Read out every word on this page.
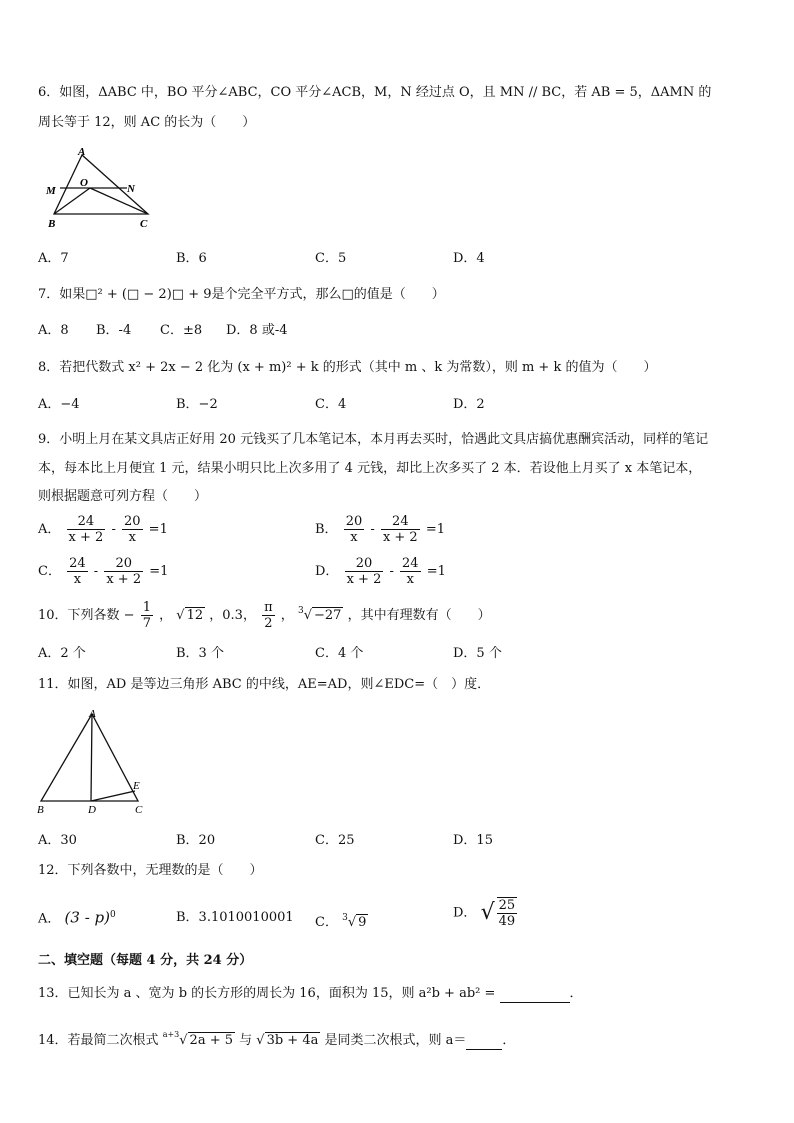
6．如图，ΔABC 中，BO 平分∠ABC，CO 平分∠ACB，M，N 经过点 O，且 MN // BC，若 AB = 5，ΔAMN 的
周长等于 12，则 AC 的长为（　　）
A
M
O	N
B	C
A．7	B．6	C．5	D．4
7．如果□² + (□ − 2)□ + 9是个完全平方式，那么□的值是（　　）
A．8 B．-4 C．±8 D．8 或-4
8．若把代数式 x² + 2x − 2 化为 (x + m)² + k 的形式（其中 m 、k 为常数），则 m + k 的值为（　　）
A．−4	B．−2	C．4	D．2
9．小明上月在某文具店正好用 20 元钱买了几本笔记本，本月再去买时，恰遇此文具店搞优惠酬宾活动，同样的笔记
本，每本比上月便宜 1 元，结果小明只比上次多用了 4 元钱，却比上次多买了 2 本．若设他上月买了 x 本笔记本，
则根据题意可列方程（　　）
A． $\frac{24}{x + 2} - \frac{20}{x} =1$	B． $\frac{20}{x} - \frac{24}{x + 2} =1$
C． $\frac{24}{x} - \frac{20}{x + 2} =1$	D． $\frac{20}{x + 2} - \frac{24}{x} =1$
10．下列各数 − $\frac{1}{7}$ ， √ 12 ，0.3， $\frac{\pi}{2}$ ， $^3$√ −27 ，其中有理数有（　　）
A．2 个	B．3 个	C．4 个	D．5 个
11．如图，AD 是等边三角形 ABC 的中线，AE=AD，则∠EDC=（　）度．
A
B	D	C
E
A．30	B．20	C．25	D．15
12．下列各数中，无理数的是（　　）
A． (3 - p)$^0$	B．3.1010010001 C． $^3$√ 9
D． √ $\frac{25}{49}$
二、填空题（每题 4 分，共 24 分）
13．已知长为 a 、宽为 b 的长方形的周长为 16，面积为 15，则 a²b + ab² =	．
14．若最简二次根式 $^{a+3}$√ 2a + 5 与 √ 3b + 4a 是同类二次根式，则 a＝	．
